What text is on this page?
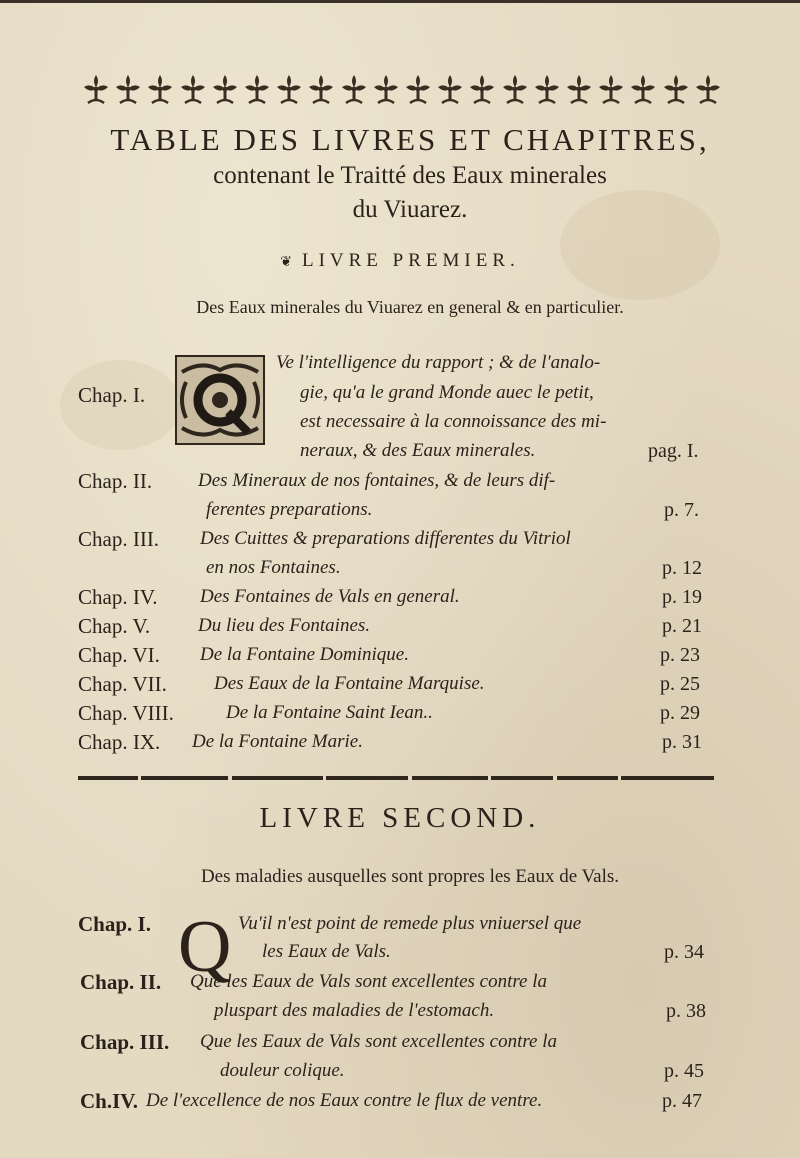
TABLE DES LIVRES ET CHAPITRES,
contenant le Traitté des Eaux minerales
du Viuarez.
❦ LIVRE PREMIER.
Des Eaux minerales du Viuarez en general & en particulier.
Chap. I.
Ve l'intelligence du rapport ; & de l'analo-
gie, qu'a le grand Monde auec le petit,
est necessaire à la connoissance des mi-
neraux, & des Eaux minerales.	pag. I.
Chap. II. Des Mineraux de nos fontaines, & de leurs dif-
ferentes preparations.	p. 7.
Chap. III. Des Cuittes & preparations differentes du Vitriol
en nos Fontaines.	p. 12
Chap. IV. Des Fontaines de Vals en general.	p. 19
Chap. V.	Du lieu des Fontaines.	p. 21
Chap. VI. De la Fontaine Dominique.	p. 23
Chap. VII. Des Eaux de la Fontaine Marquise.	p. 25
Chap. VIII.	De la Fontaine Saint Iean..	p. 29
Chap. IX. De la Fontaine Marie.	p. 31
LIVRE SECOND.
Des maladies ausquelles sont propres les Eaux de Vals.
Chap. I. Q Vu'il n'est point de remede plus vniuersel que
les Eaux de Vals.	p. 34
Chap. II. Que les Eaux de Vals sont excellentes contre la
pluspart des maladies de l'estomach.	p. 38
Chap. III. Que les Eaux de Vals sont excellentes contre la
douleur colique.	p. 45
Ch.IV. De l'excellence de nos Eaux contre le flux de ventre.	p. 47
